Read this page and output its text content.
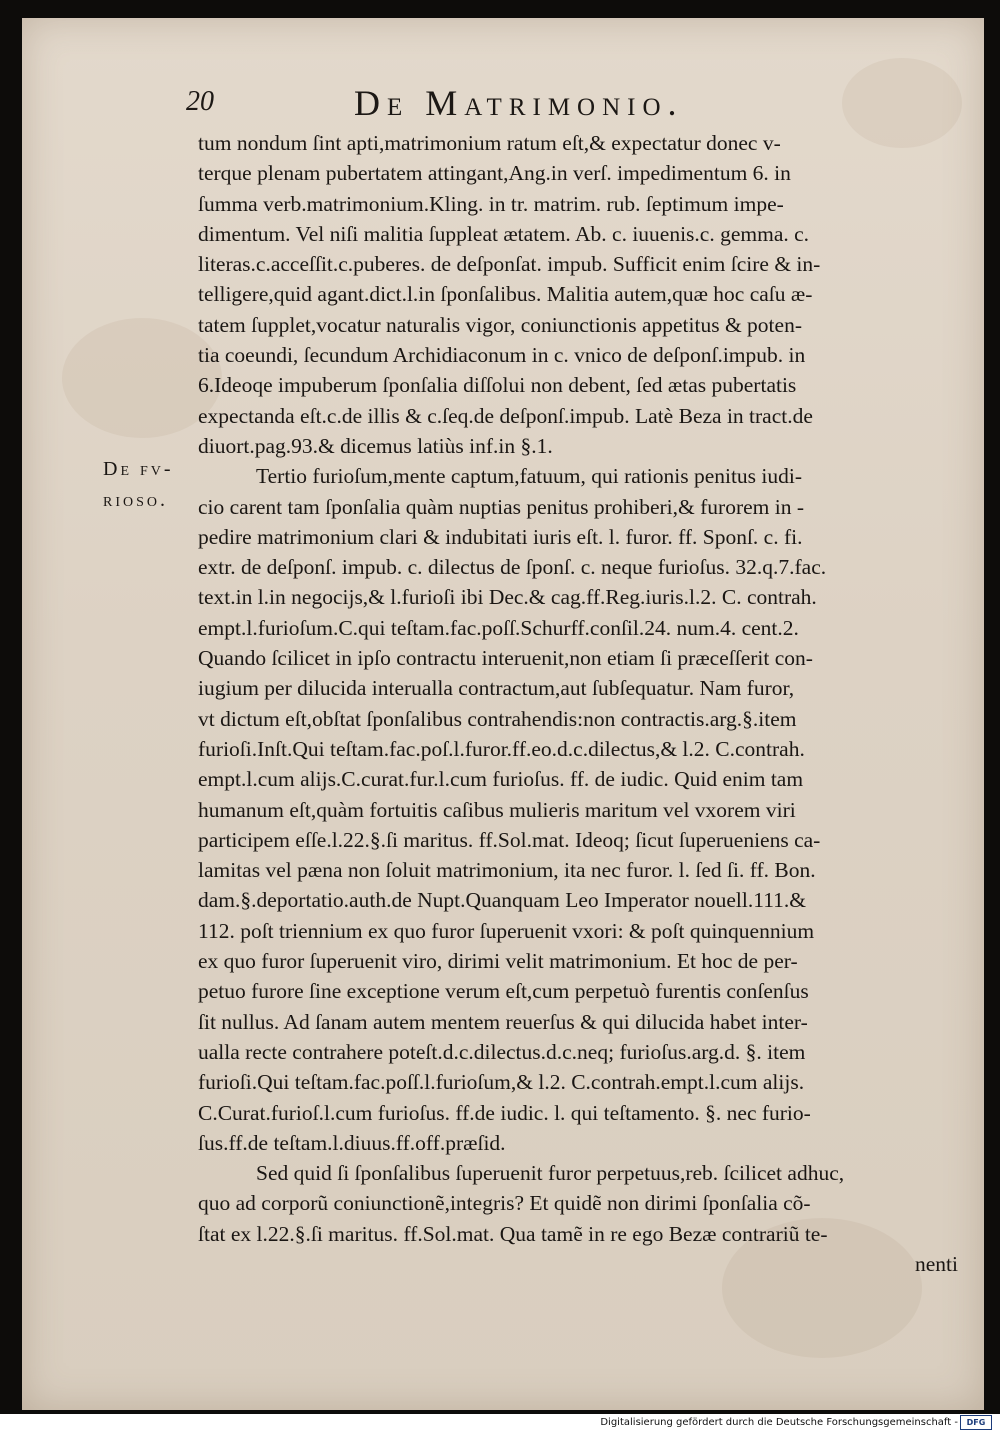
20	De Matrimonio.
De fv-
rioso.
tum nondum ſint apti,matrimonium ratum eſt,& expectatur donec v-
terque plenam pubertatem attingant,Ang.in verſ. impedimentum 6. in
ſumma verb.matrimonium.Kling. in tr. matrim. rub. ſeptimum impe-
dimentum. Vel niſi malitia ſuppleat ætatem. Ab. c. iuuenis.c. gemma. c.
literas.c.acceſſit.c.puberes. de deſponſat. impub. Sufficit enim ſcire & in-
telligere,quid agant.dict.l.in ſponſalibus. Malitia autem,quæ hoc caſu æ-
tatem ſupplet,vocatur naturalis vigor, coniunctionis appetitus & poten-
tia coeundi, ſecundum Archidiaconum in c. vnico de deſponſ.impub. in
6.Ideoqe impuberum ſponſalia diſſolui non debent, ſed ætas pubertatis
expectanda eſt.c.de illis & c.ſeq.de deſponſ.impub. Latè Beza in tract.de
diuort.pag.93.& dicemus latiùs inf.in §.1.
Tertio furioſum,mente captum,fatuum, qui rationis penitus iudi-
cio carent tam ſponſalia quàm nuptias penitus prohiberi,& furorem in -
pedire matrimonium clari & indubitati iuris eſt. l. furor. ff. Sponſ. c. fi.
extr. de deſponſ. impub. c. dilectus de ſponſ. c. neque furioſus. 32.q.7.fac.
text.in l.in negocijs,& l.furioſi ibi Dec.& cag.ff.Reg.iuris.l.2. C. contrah.
empt.l.furioſum.C.qui teſtam.fac.poſſ.Schurff.conſil.24. num.4. cent.2.
Quando ſcilicet in ipſo contractu interuenit,non etiam ſi præceſſerit con-
iugium per dilucida interualla contractum,aut ſubſequatur. Nam furor,
vt dictum eſt,obſtat ſponſalibus contrahendis:non contractis.arg.§.item
furioſi.Inſt.Qui teſtam.fac.poſ.l.furor.ff.eo.d.c.dilectus,& l.2. C.contrah.
empt.l.cum alijs.C.curat.fur.l.cum furioſus. ff. de iudic. Quid enim tam
humanum eſt,quàm fortuitis caſibus mulieris maritum vel vxorem viri
participem eſſe.l.22.§.ſi maritus. ff.Sol.mat. Ideoq; ſicut ſuperueniens ca-
lamitas vel pæna non ſoluit matrimonium, ita nec furor. l. ſed ſi. ff. Bon.
dam.§.deportatio.auth.de Nupt.Quanquam Leo Imperator nouell.111.&
112. poſt triennium ex quo furor ſuperuenit vxori: & poſt quinquennium
ex quo furor ſuperuenit viro, dirimi velit matrimonium. Et hoc de per-
petuo furore ſine exceptione verum eſt,cum perpetuò furentis conſenſus
ſit nullus. Ad ſanam autem mentem reuerſus & qui dilucida habet inter-
ualla recte contrahere poteſt.d.c.dilectus.d.c.neq; furioſus.arg.d. §. item
furioſi.Qui teſtam.fac.poſſ.l.furioſum,& l.2. C.contrah.empt.l.cum alijs.
C.Curat.furioſ.l.cum furioſus. ff.de iudic. l. qui teſtamento. §. nec furio-
ſus.ff.de teſtam.l.diuus.ff.off.præſid.
Sed quid ſi ſponſalibus ſuperuenit furor perpetuus,reb. ſcilicet adhuc,
quo ad corporũ coniunctionẽ,integris? Et quidẽ non dirimi ſponſalia cõ-
ſtat ex l.22.§.ſi maritus. ff.Sol.mat. Qua tamẽ in re ego Bezæ contrariũ te-
nenti
Digitalisierung gefördert durch die Deutsche Forschungsgemeinschaft -	DFG
